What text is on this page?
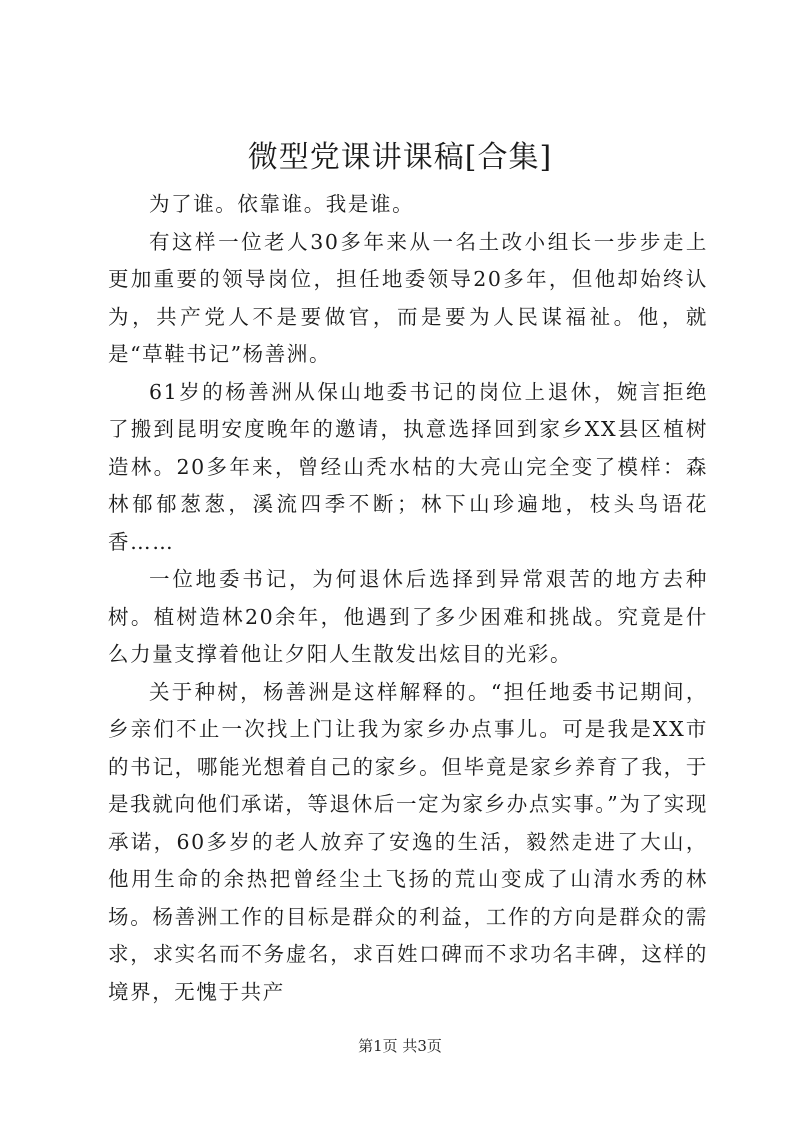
微型党课讲课稿[合集]

为了谁。依靠谁。我是谁。

有这样一位老人30多年来从一名土改小组长一步步走上更加重要的领导岗位，担任地委领导20多年，但他却始终认为，共产党人不是要做官，而是要为人民谋福祉。他，就是“草鞋书记”杨善洲。

61岁的杨善洲从保山地委书记的岗位上退休，婉言拒绝了搬到昆明安度晚年的邀请，执意选择回到家乡XX县区植树造林。20多年来，曾经山秃水枯的大亮山完全变了模样：森林郁郁葱葱，溪流四季不断；林下山珍遍地，枝头鸟语花香……

一位地委书记，为何退休后选择到异常艰苦的地方去种树。植树造林20余年，他遇到了多少困难和挑战。究竟是什么力量支撑着他让夕阳人生散发出炫目的光彩。

关于种树，杨善洲是这样解释的。“担任地委书记期间，乡亲们不止一次找上门让我为家乡办点事儿。可是我是XX市的书记，哪能光想着自己的家乡。但毕竟是家乡养育了我，于是我就向他们承诺，等退休后一定为家乡办点实事。”为了实现承诺，60多岁的老人放弃了安逸的生活，毅然走进了大山，他用生命的余热把曾经尘土飞扬的荒山变成了山清水秀的林场。杨善洲工作的目标是群众的利益，工作的方向是群众的需求，求实名而不务虚名，求百姓口碑而不求功名丰碑，这样的境界，无愧于共产

第1页 共3页
